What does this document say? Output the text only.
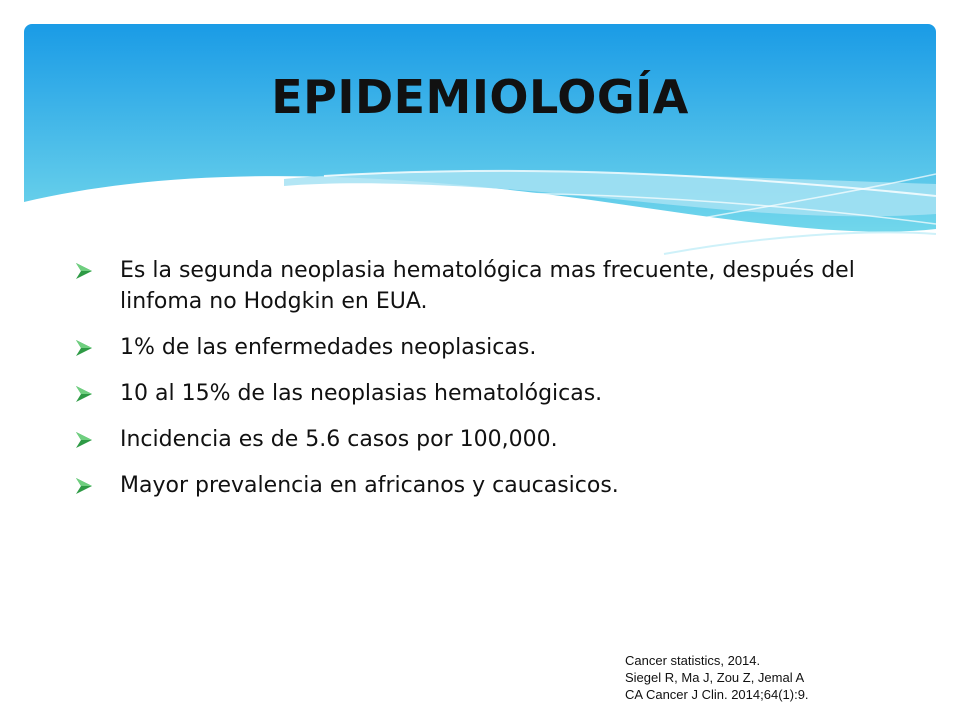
EPIDEMIOLOGÍA
Es la segunda neoplasia hematológica mas frecuente, después del linfoma no Hodgkin en EUA.
1% de las enfermedades neoplasicas.
10 al 15% de las neoplasias hematológicas.
Incidencia es de 5.6 casos por 100,000.
Mayor prevalencia en africanos y caucasicos.
Cancer statistics, 2014.
Siegel R, Ma J, Zou Z, Jemal A
CA Cancer J Clin. 2014;64(1):9.
